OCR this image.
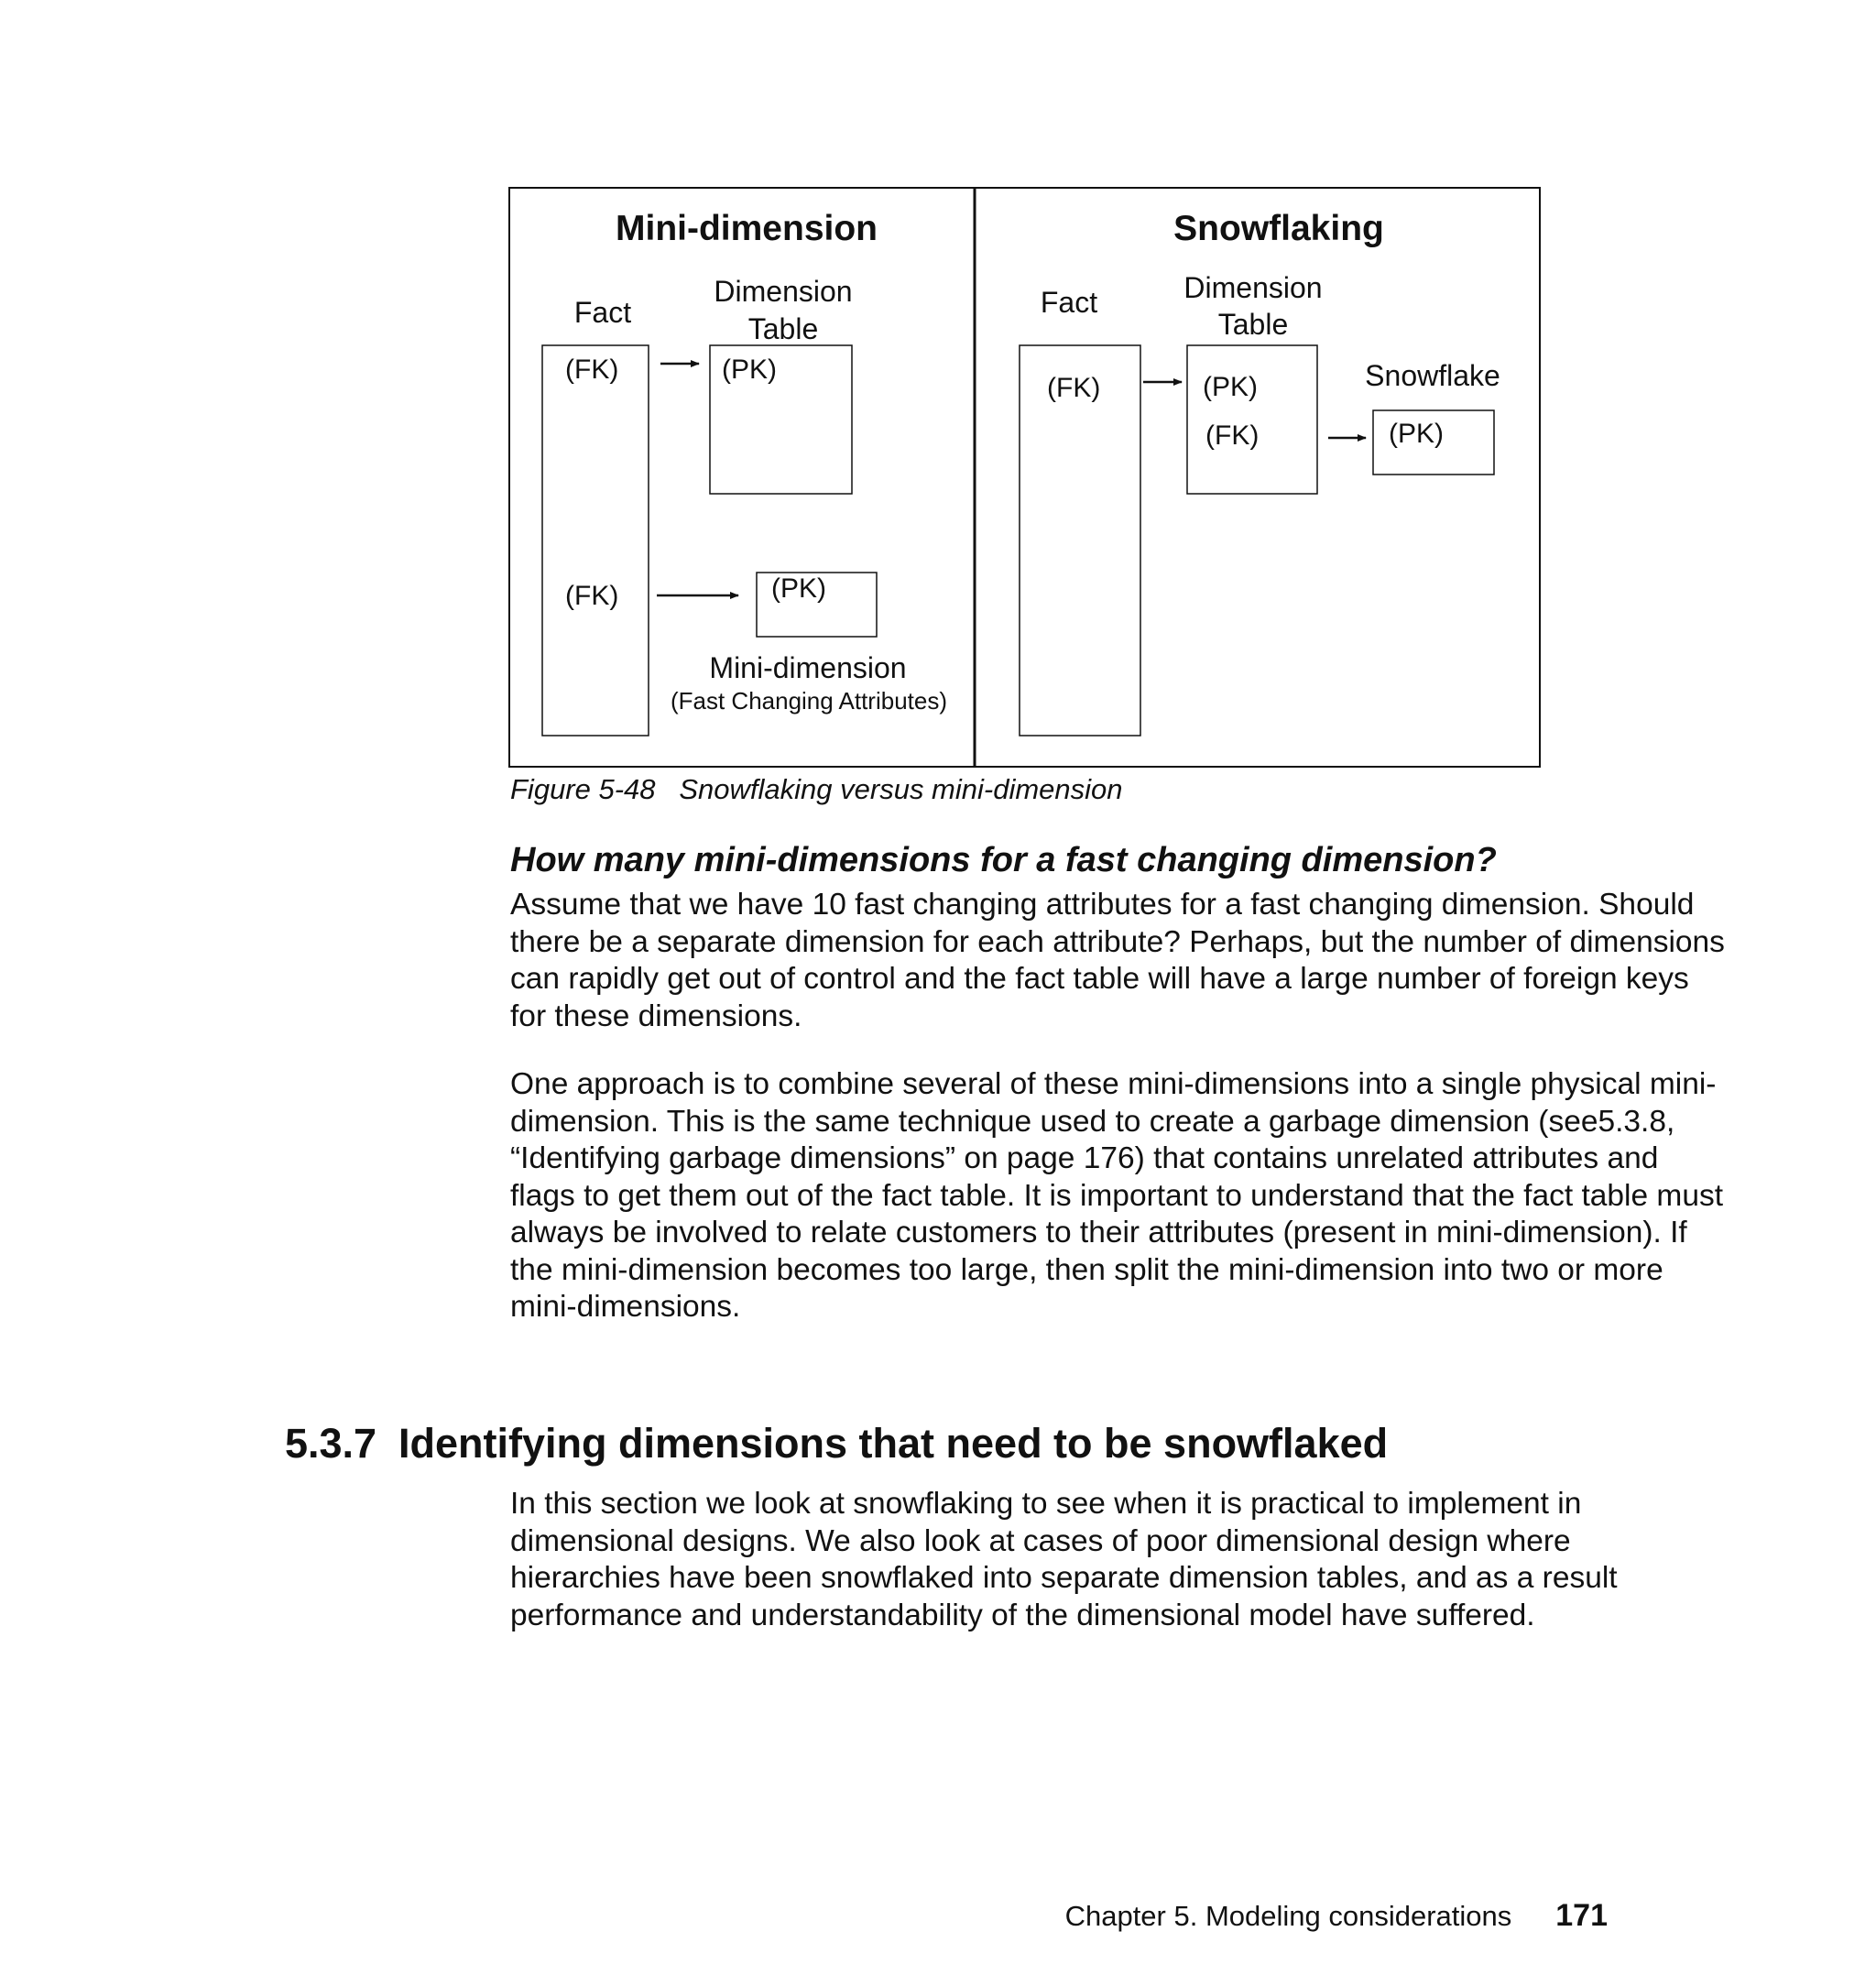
Mini-dimension
Fact
Dimension
Table
(FK)
(FK)
(PK)
(PK)
Mini-dimension
(Fast Changing Attributes)
Snowflaking
Fact	Dimension
Table
(FK)	(PK)
(FK)
Snowflake
(PK)
Figure 5-48 Snowflaking versus mini-dimension
How many mini-dimensions for a fast changing dimension?

Assume that we have 10 fast changing attributes for a fast changing dimension. Should there be a separate dimension for each attribute? Perhaps, but the number of dimensions can rapidly get out of control and the fact table will have a large number of foreign keys for these dimensions.

One approach is to combine several of these mini-dimensions into a single physical mini-dimension. This is the same technique used to create a garbage dimension (see5.3.8, “Identifying garbage dimensions” on page 176) that contains unrelated attributes and flags to get them out of the fact table. It is important to understand that the fact table must always be involved to relate customers to their attributes (present in mini-dimension). If the mini-dimension becomes too large, then split the mini-dimension into two or more mini-dimensions.

5.3.7 Identifying dimensions that need to be snowflaked

In this section we look at snowflaking to see when it is practical to implement in dimensional designs. We also look at cases of poor dimensional design where hierarchies have been snowflaked into separate dimension tables, and as a result performance and understandability of the dimensional model have suffered.

Chapter 5. Modeling considerations 171
